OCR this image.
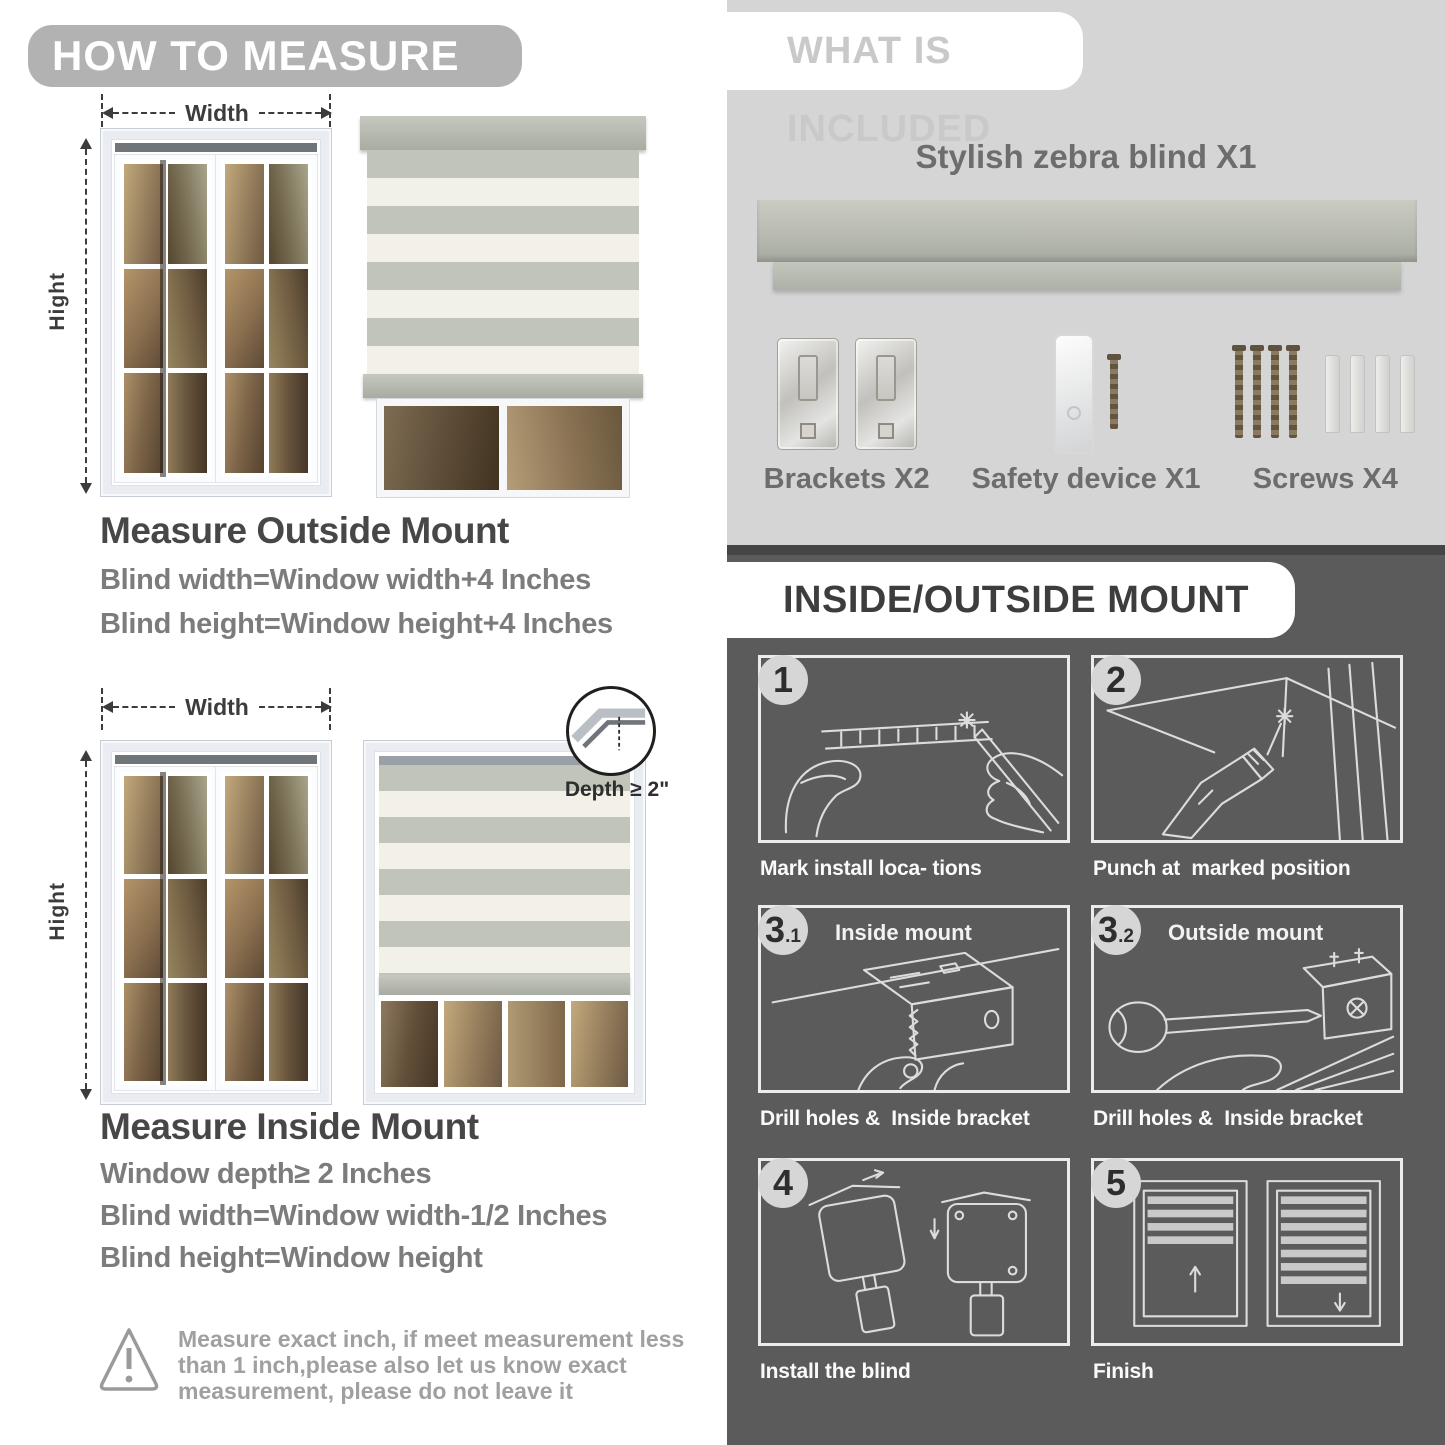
HOW TO MEASURE
Width
Hight
Measure Outside Mount
Blind width=Window width+4 Inches
Blind height=Window height+4 Inches
Width
Hight
Depth ≥ 2"
Measure Inside Mount
Window depth≥ 2 Inches
Blind width=Window width-1/2 Inches
Blind height=Window height
Measure exact inch, if meet measurement less
than 1 inch,please also let us know exact
measurement, please do not leave it
WHAT IS INCLUDED
Stylish zebra blind X1
Brackets X2	Safety device X1	Screws X4
INSIDE/OUTSIDE MOUNT
1
Mark install loca- tions
2
Punch at  marked position
3 .1 Inside mount
Drill holes &  Inside bracket
3 .2 Outside mount
Drill holes &  Inside bracket
4
Install the blind
5
Finish
